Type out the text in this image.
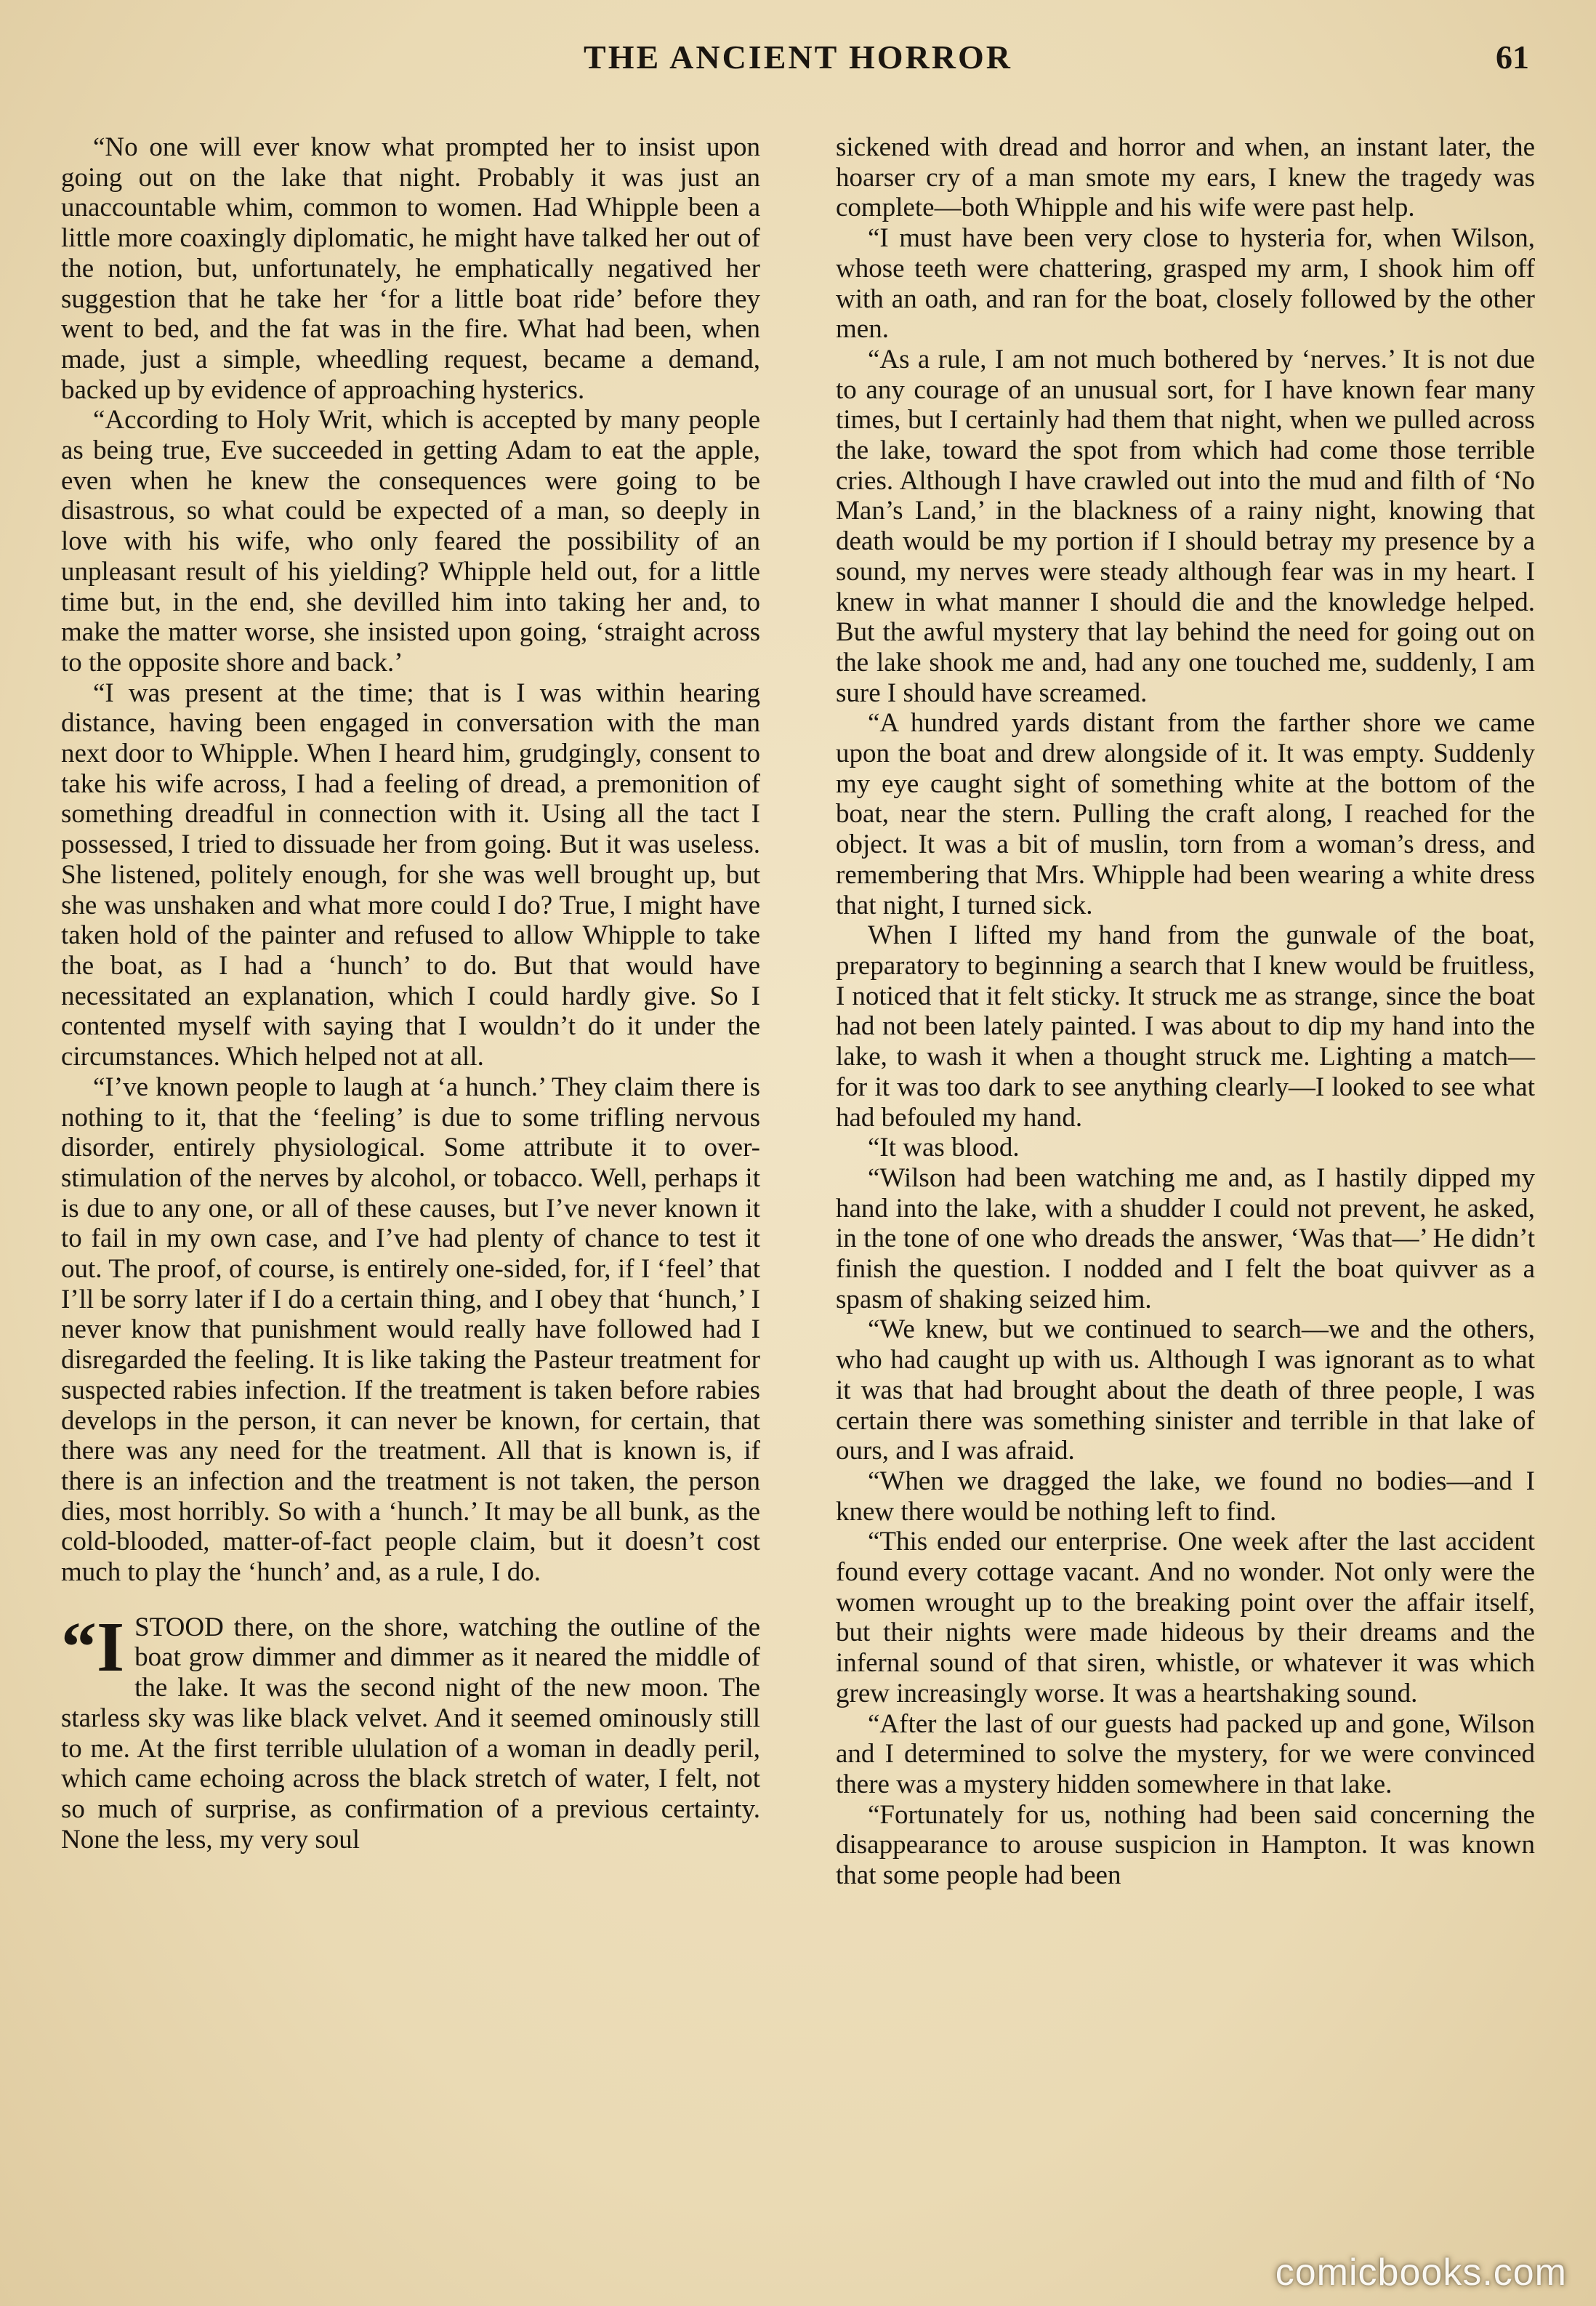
THE ANCIENT HORROR	61

“No one will ever know what prompted her to insist upon going out on the lake that night. Probably it was just an unaccountable whim, common to women. Had Whipple been a little more coaxingly diplomatic, he might have talked her out of the notion, but, unfortunately, he emphatically negatived her suggestion that he take her ‘for a little boat ride’ before they went to bed, and the fat was in the fire. What had been, when made, just a simple, wheedling request, became a demand, backed up by evidence of approaching hysterics.

“According to Holy Writ, which is accepted by many people as being true, Eve succeeded in getting Adam to eat the apple, even when he knew the consequences were going to be disastrous, so what could be expected of a man, so deeply in love with his wife, who only feared the possibility of an unpleasant result of his yielding? Whipple held out, for a little time but, in the end, she devilled him into taking her and, to make the matter worse, she insisted upon going, ‘straight across to the opposite shore and back.’

“I was present at the time; that is I was within hearing distance, having been engaged in conversation with the man next door to Whipple. When I heard him, grudgingly, consent to take his wife across, I had a feeling of dread, a premonition of something dreadful in connection with it. Using all the tact I possessed, I tried to dissuade her from going. But it was useless. She listened, politely enough, for she was well brought up, but she was unshaken and what more could I do? True, I might have taken hold of the painter and refused to allow Whipple to take the boat, as I had a ‘hunch’ to do. But that would have necessitated an explanation, which I could hardly give. So I contented myself with saying that I wouldn’t do it under the circumstances. Which helped not at all.

“I’ve known people to laugh at ‘a hunch.’ They claim there is nothing to it, that the ‘feeling’ is due to some trifling nervous disorder, entirely physiological. Some attribute it to over-stimulation of the nerves by alcohol, or tobacco. Well, perhaps it is due to any one, or all of these causes, but I’ve never known it to fail in my own case, and I’ve had plenty of chance to test it out. The proof, of course, is entirely one-sided, for, if I ‘feel’ that I’ll be sorry later if I do a certain thing, and I obey that ‘hunch,’ I never know that punishment would really have followed had I disregarded the feeling. It is like taking the Pasteur treatment for suspected rabies infection. If the treatment is taken before rabies develops in the person, it can never be known, for certain, that there was any need for the treatment. All that is known is, if there is an infection and the treatment is not taken, the person dies, most horribly. So with a ‘hunch.’ It may be all bunk, as the cold-blooded, matter-of-fact people claim, but it doesn’t cost much to play the ‘hunch’ and, as a rule, I do.

“ISTOOD there, on the shore, watching the outline of the boat grow dimmer and dimmer as it neared the middle of the lake. It was the second night of the new moon. The starless sky was like black velvet. And it seemed ominously still to me. At the first terrible ululation of a woman in deadly peril, which came echoing across the black stretch of water, I felt, not so much of surprise, as confirmation of a previous certainty. None the less, my very soul

sickened with dread and horror and when, an instant later, the hoarser cry of a man smote my ears, I knew the tragedy was complete—both Whipple and his wife were past help.

“I must have been very close to hysteria for, when Wilson, whose teeth were chattering, grasped my arm, I shook him off with an oath, and ran for the boat, closely followed by the other men.

“As a rule, I am not much bothered by ‘nerves.’ It is not due to any courage of an unusual sort, for I have known fear many times, but I certainly had them that night, when we pulled across the lake, toward the spot from which had come those terrible cries. Although I have crawled out into the mud and filth of ‘No Man’s Land,’ in the blackness of a rainy night, knowing that death would be my portion if I should betray my presence by a sound, my nerves were steady although fear was in my heart. I knew in what manner I should die and the knowledge helped. But the awful mystery that lay behind the need for going out on the lake shook me and, had any one touched me, suddenly, I am sure I should have screamed.

“A hundred yards distant from the farther shore we came upon the boat and drew alongside of it. It was empty. Suddenly my eye caught sight of something white at the bottom of the boat, near the stern. Pulling the craft along, I reached for the object. It was a bit of muslin, torn from a woman’s dress, and remembering that Mrs. Whipple had been wearing a white dress that night, I turned sick.

When I lifted my hand from the gunwale of the boat, preparatory to beginning a search that I knew would be fruitless, I noticed that it felt sticky. It struck me as strange, since the boat had not been lately painted. I was about to dip my hand into the lake, to wash it when a thought struck me. Lighting a match—for it was too dark to see anything clearly—I looked to see what had befouled my hand.

“It was blood.

“Wilson had been watching me and, as I hastily dipped my hand into the lake, with a shudder I could not prevent, he asked, in the tone of one who dreads the answer, ‘Was that—’ He didn’t finish the question. I nodded and I felt the boat quivver as a spasm of shaking seized him.

“We knew, but we continued to search—we and the others, who had caught up with us. Although I was ignorant as to what it was that had brought about the death of three people, I was certain there was something sinister and terrible in that lake of ours, and I was afraid.

“When we dragged the lake, we found no bodies—and I knew there would be nothing left to find.

“This ended our enterprise. One week after the last accident found every cottage vacant. And no wonder. Not only were the women wrought up to the breaking point over the affair itself, but their nights were made hideous by their dreams and the infernal sound of that siren, whistle, or whatever it was which grew increasingly worse. It was a heartshaking sound.

“After the last of our guests had packed up and gone, Wilson and I determined to solve the mystery, for we were convinced there was a mystery hidden somewhere in that lake.

“Fortunately for us, nothing had been said concerning the disappearance to arouse suspicion in Hampton. It was known that some people had been

comicbooks.com
